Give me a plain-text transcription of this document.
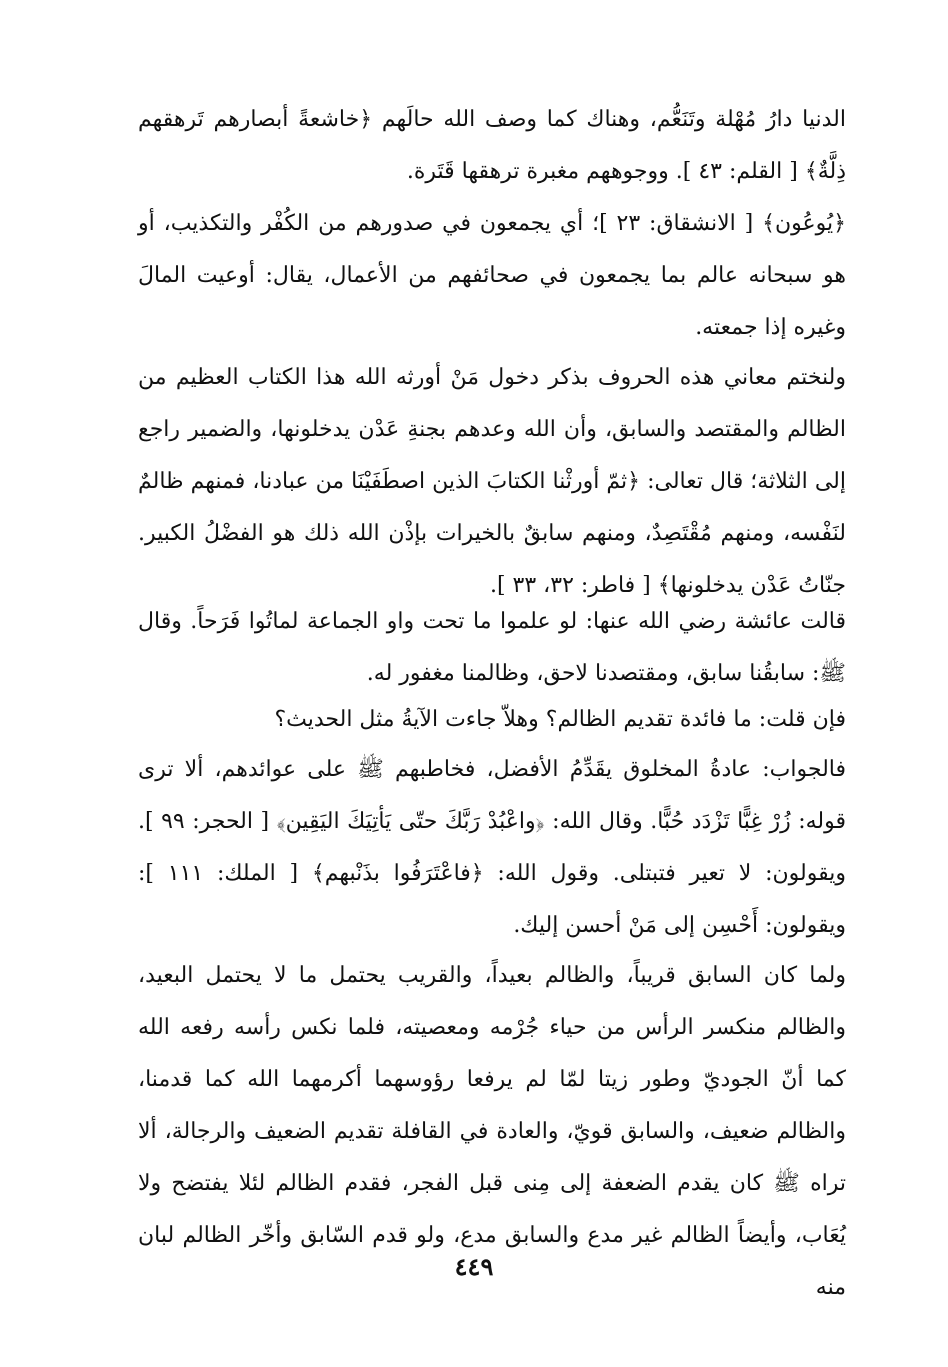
الدنيا دارُ مُهْلة وتَنَعُّم، وهناك كما وصف الله حالَهم ﴿خاشعةً أبصارهم تَرهقهم ذِلَّةٌ﴾ [ القلم: ٤٣ ]. ووجوههم مغبرة ترهقها قَتَرة.

﴿يُوعُون﴾ [ الانشقاق: ٢٣ ]؛ أي يجمعون في صدورهم من الكُفْر والتكذيب، أو هو سبحانه عالم بما يجمعون في صحائفهم من الأعمال، يقال: أوعيت المالَ وغيره إذا جمعته.

ولنختم معاني هذه الحروف بذكر دخول مَنْ أورثه الله هذا الكتاب العظيم من الظالم والمقتصد والسابق، وأن الله وعدهم بجنةِ عَدْن يدخلونها، والضمير راجع إلى الثلاثة؛ قال تعالى: ﴿ثمّ أورثْنا الكتابَ الذين اصطَفَيْنَا من عبادنا، فمنهم ظالمٌ لنَفْسه، ومنهم مُقْتَصِدٌ، ومنهم سابقٌ بالخيرات بإذْن الله ذلك هو الفضْلُ الكبير. جنّاتُ عَدْن يدخلونها﴾ [ فاطر: ٣٢، ٣٣ ].

قالت عائشة رضي الله عنها: لو علموا ما تحت واو الجماعة لماتُوا فَرَحاً. وقال ﷺ: سابقُنا سابق، ومقتصدنا لاحق، وظالمنا مغفور له.

فإن قلت: ما فائدة تقديم الظالم؟ وهلاّ جاءت الآيةُ مثل الحديث؟

فالجواب: عادةُ المخلوق يقَدِّمُ الأفضل، فخاطبهم ﷺ على عوائدهم، ألا ترى قوله: زُرْ غِبًّا تَزْدَد حُبًّا. وقال الله: ﴿واعْبُدْ رَبَّكَ حتّى يَأتِيَكَ اليَقِين﴾ [ الحجر: ٩٩ ]. ويقولون: لا تعير فتبتلى. وقول الله: ﴿فاعْتَرَفُوا بذَنْبهم﴾ [ الملك: ١١١ ]: ويقولون: أَحْسِن إلى مَنْ أحسن إليك.

ولما كان السابق قريباً، والظالم بعيداً، والقريب يحتمل ما لا يحتمل البعيد، والظالم منكسر الرأس من حياء جُرْمه ومعصيته، فلما نكس رأسه رفعه الله كما أنّ الجوديّ وطور زيتا لمّا لم يرفعا رؤوسهما أكرمهما الله كما قدمنا، والظالم ضعيف، والسابق قويّ، والعادة في القافلة تقديم الضعيف والرجالة، ألا تراه ﷺ كان يقدم الضعفة إلى مِنى قبل الفجر، فقدم الظالم لئلا يفتضح ولا يُعَاب، وأيضاً الظالم غير مدع والسابق مدع، ولو قدم السّابق وأخّر الظالم لبان منه

٤٤٩
